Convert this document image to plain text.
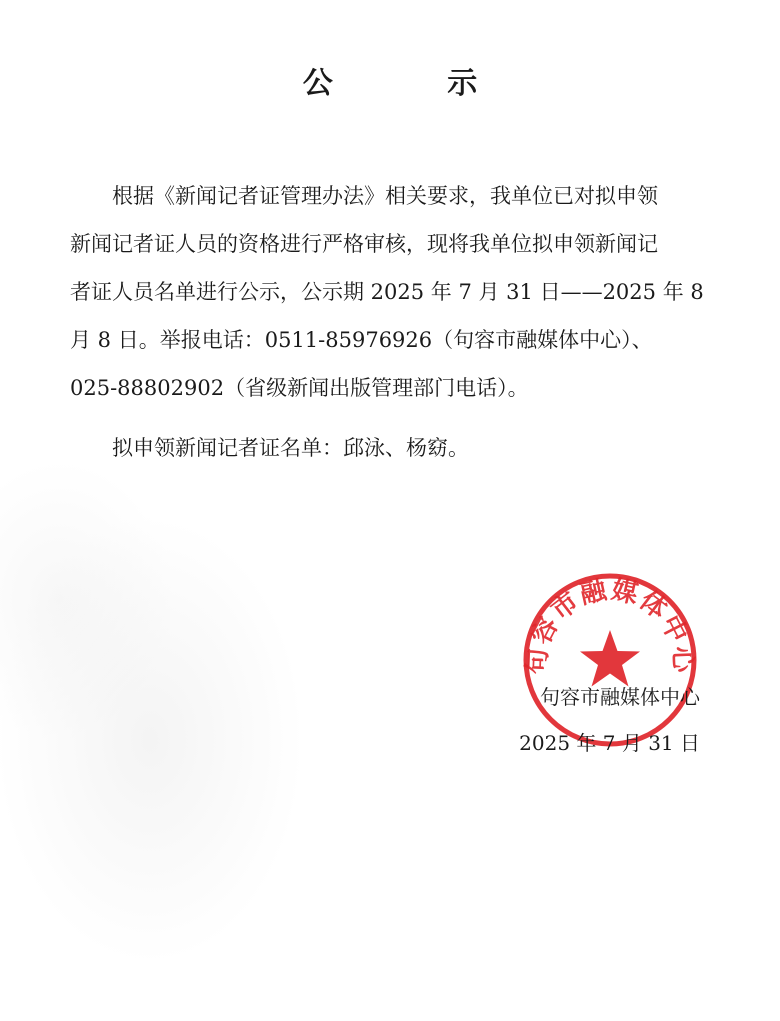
公 示
根据《新闻记者证管理办法》相关要求，我单位已对拟申领
新闻记者证人员的资格进行严格审核，现将我单位拟申领新闻记
者证人员名单进行公示，公示期 2025 年 7 月 31 日——2025 年 8
月 8 日。举报电话：0511-85976926（句容市融媒体中心）、
025-88802902（省级新闻出版管理部门电话）。
拟申领新闻记者证名单：邱泳、杨窈。
句容市融媒体中心
句容市融媒体中心
2025 年 7 月 31 日
